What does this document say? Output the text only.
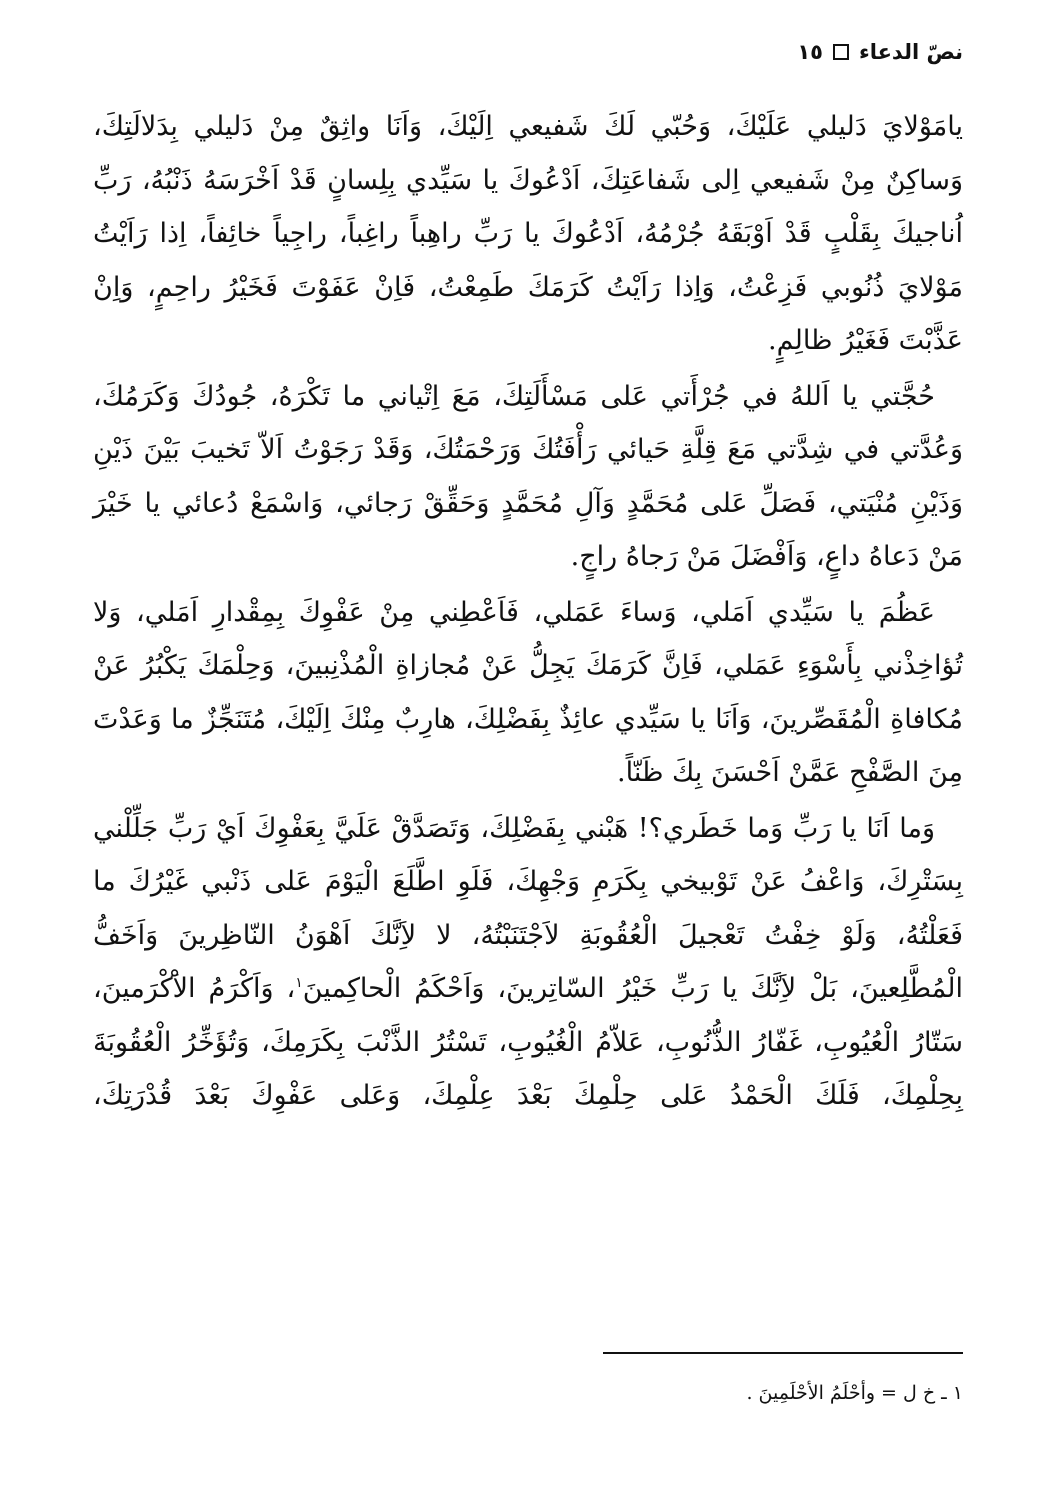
نصّ الدعاء
١٥

يامَوْلايَ دَليلي عَلَيْكَ، وَحُبّي لَكَ شَفيعي اِلَيْكَ، وَاَنَا واثِقٌ مِنْ دَليلي بِدَلالَتِكَ، وَساكِنٌ مِنْ شَفيعي اِلى شَفاعَتِكَ، اَدْعُوكَ يا سَيِّدي بِلِسانٍ قَدْ اَخْرَسَهُ ذَنْبُهُ، رَبِّ اُناجيكَ بِقَلْبٍ قَدْ اَوْبَقَهُ جُرْمُهُ، اَدْعُوكَ يا رَبِّ راهِباً راغِباً، راجِياً خائِفاً، اِذا رَاَيْتُ مَوْلايَ ذُنُوبي فَزِعْتُ، وَاِذا رَاَيْتُ كَرَمَكَ طَمِعْتُ، فَاِنْ عَفَوْتَ فَخَيْرُ راحِمٍ، وَاِنْ عَذَّبْتَ فَغَيْرُ ظالِمٍ.

حُجَّتي يا اَللهُ في جُرْأَتي عَلى مَسْأَلَتِكَ، مَعَ اِتْياني ما تَكْرَهُ، جُودُكَ وَكَرَمُكَ، وَعُدَّتي في شِدَّتي مَعَ قِلَّةِ حَيائي رَأْفَتُكَ وَرَحْمَتُكَ، وَقَدْ رَجَوْتُ اَلاّ تَخيبَ بَيْنَ ذَيْنِ وَذَيْنِ مُنْيَتي، فَصَلِّ عَلى مُحَمَّدٍ وَآلِ مُحَمَّدٍ وَحَقِّقْ رَجائي، وَاسْمَعْ دُعائي يا خَيْرَ مَنْ دَعاهُ داعٍ، وَاَفْضَلَ مَنْ رَجاهُ راجٍ.

عَظُمَ يا سَيِّدي اَمَلي، وَساءَ عَمَلي، فَاَعْطِني مِنْ عَفْوِكَ بِمِقْدارِ اَمَلي، وَلا تُؤاخِذْني بِأَسْوَءِ عَمَلي، فَاِنَّ كَرَمَكَ يَجِلُّ عَنْ مُجازاةِ الْمُذْنِبينَ، وَحِلْمَكَ يَكْبُرُ عَنْ مُكافاةِ الْمُقَصِّرينَ، وَاَنَا يا سَيِّدي عائِذٌ بِفَضْلِكَ، هارِبٌ مِنْكَ اِلَيْكَ، مُتَنَجِّزٌ ما وَعَدْتَ مِنَ الصَّفْحِ عَمَّنْ اَحْسَنَ بِكَ ظَنّاً.

وَما اَنَا يا رَبِّ وَما خَطَري؟! هَبْني بِفَضْلِكَ، وَتَصَدَّقْ عَلَيَّ بِعَفْوِكَ اَيْ رَبِّ جَلِّلْني بِسَتْرِكَ، وَاعْفُ عَنْ تَوْبيخي بِكَرَمِ وَجْهِكَ، فَلَوِ اطَّلَعَ الْيَوْمَ عَلى ذَنْبي غَيْرُكَ ما فَعَلْتُهُ، وَلَوْ خِفْتُ تَعْجيلَ الْعُقُوبَةِ لاَجْتَنَبْتُهُ، لا لاَِنَّكَ اَهْوَنُ النّاظِرينَ وَاَخَفُّ الْمُطَّلِعينَ، بَلْ لاَِنَّكَ يا رَبِّ خَيْرُ السّاتِرينَ، وَاَحْكَمُ الْحاكِمينَ$^١$، وَاَكْرَمُ الاَْكْرَمينَ، سَتّارُ الْعُيُوبِ، غَفّارُ الذُّنُوبِ، عَلاّمُ الْغُيُوبِ، تَسْتُرُ الذَّنْبَ بِكَرَمِكَ، وَتُؤَخِّرُ الْعُقُوبَةَ بِحِلْمِكَ، فَلَكَ الْحَمْدُ عَلى حِلْمِكَ بَعْدَ عِلْمِكَ، وَعَلى عَفْوِكَ بَعْدَ قُدْرَتِكَ،

١ ـ خ ل = وأحْلَمُ الأحْلَمِينَ .
